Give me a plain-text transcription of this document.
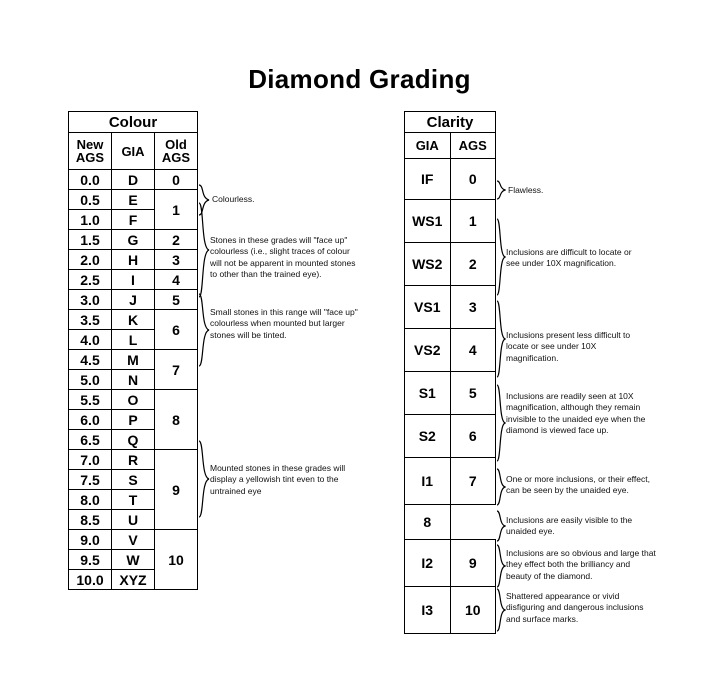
Diamond Grading
Colour		

New
AGS	GIA	Old
AGS

0.0	D	0
0.5	E	1
1.0	F	
1.5	G	2
2.0	H	3
2.5	I	4
3.0	J	5
3.5	K	6
4.0	L	
4.5	M	7
5.0	N	
5.5	O	8
6.0	P	
6.5	Q	
7.0	R	9
7.5	S	
8.0	T	
8.5	U	
9.0	V	10
9.5	W	
10.0	XYZ	
Colourless.
Stones in these grades will "face up" colourless (i.e., slight traces of colour will not be apparent in mounted stones to other than the trained eye).
Small stones in this range will "face up" colourless when mounted but larger stones will be tinted.
Mounted stones in these grades will display a yellowish tint even to the untrained eye
Clarity	
GIA	AGS
IF	0
WS1	1
WS2	2
VS1	3
VS2	4
S1	5
S2	6
I1	7
8	
I2	9
I3	10
Flawless.
Inclusions are difficult to locate or see under 10X magnification.
Inclusions present less difficult to locate or see under 10X magnification.
Inclusions are readily seen at 10X magnification, although they remain invisible to the unaided eye when the diamond is viewed face up.
One or more inclusions, or their effect, can be seen by the unaided eye.
Inclusions are easily visible to the unaided eye.
Inclusions are so obvious and large that they effect both the brilliancy and beauty of the diamond.
Shattered appearance or vivid disfiguring and dangerous inclusions and surface marks.
